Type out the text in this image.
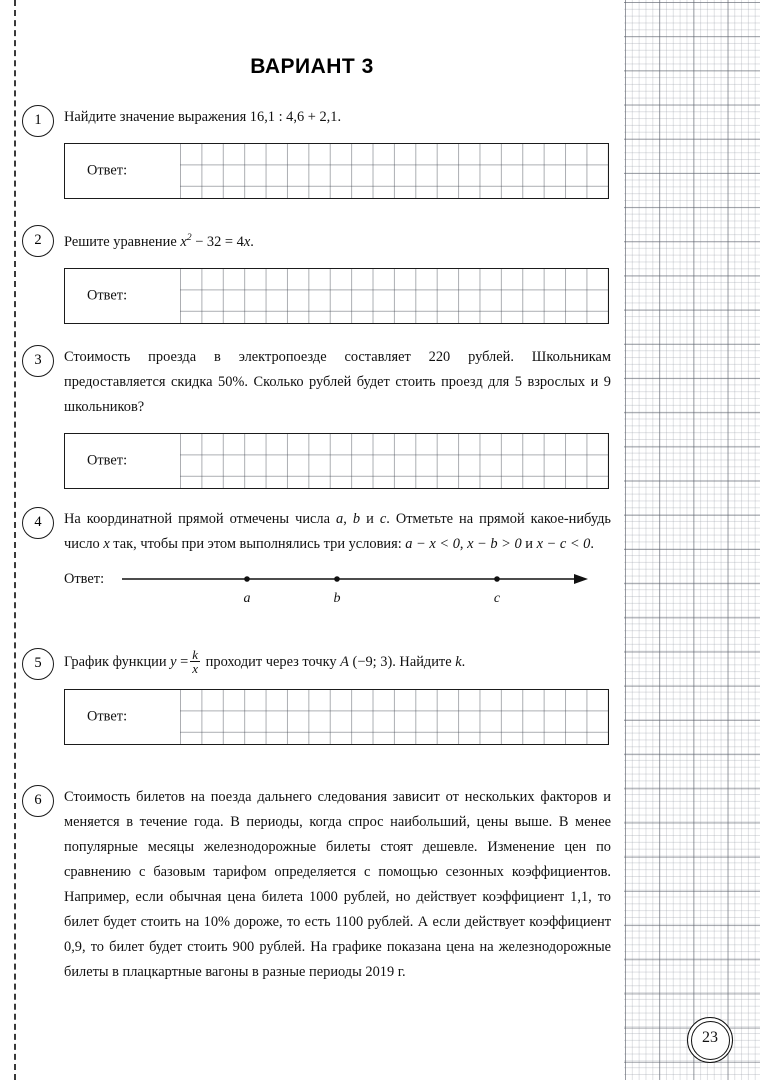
ВАРИАНТ 3
1	Найдите значение выражения 16,1 : 4,6 + 2,1.
Ответ:
2	Решите уравнение $x^2 - 32 = 4x$.
Ответ:
3	Стоимость проезда в электропоезде составляет 220 рублей. Школьникам предоставляется скидка 50%. Сколько рублей будет стоить проезд для 5 взрослых и 9 школьников?
Ответ:
4	На координатной прямой отмечены числа a, b и c. Отметьте на прямой какое-нибудь число x так, чтобы при этом выполнялись три условия: a − x < 0, x − b > 0 и x − c < 0.
Ответ:
a	b	c
5	График функции $y = \frac{k}{x}$ проходит через точку A (−9; 3). Найдите k.
Ответ:
6	Стоимость билетов на поезда дальнего следования зависит от нескольких факторов и меняется в течение года. В периоды, когда спрос наибольший, цены выше. В менее популярные месяцы железнодорожные билеты стоят дешевле. Изменение цен по сравнению с базовым тарифом определяется с помощью сезонных коэффициентов. Например, если обычная цена билета 1000 рублей, но действует коэффициент 1,1, то билет будет стоить на 10% дороже, то есть 1100 рублей. А если действует коэффициент 0,9, то билет будет стоить 900 рублей. На графике показана цена на железнодорожные билеты в плацкартные вагоны в разные периоды 2019 г.
23
